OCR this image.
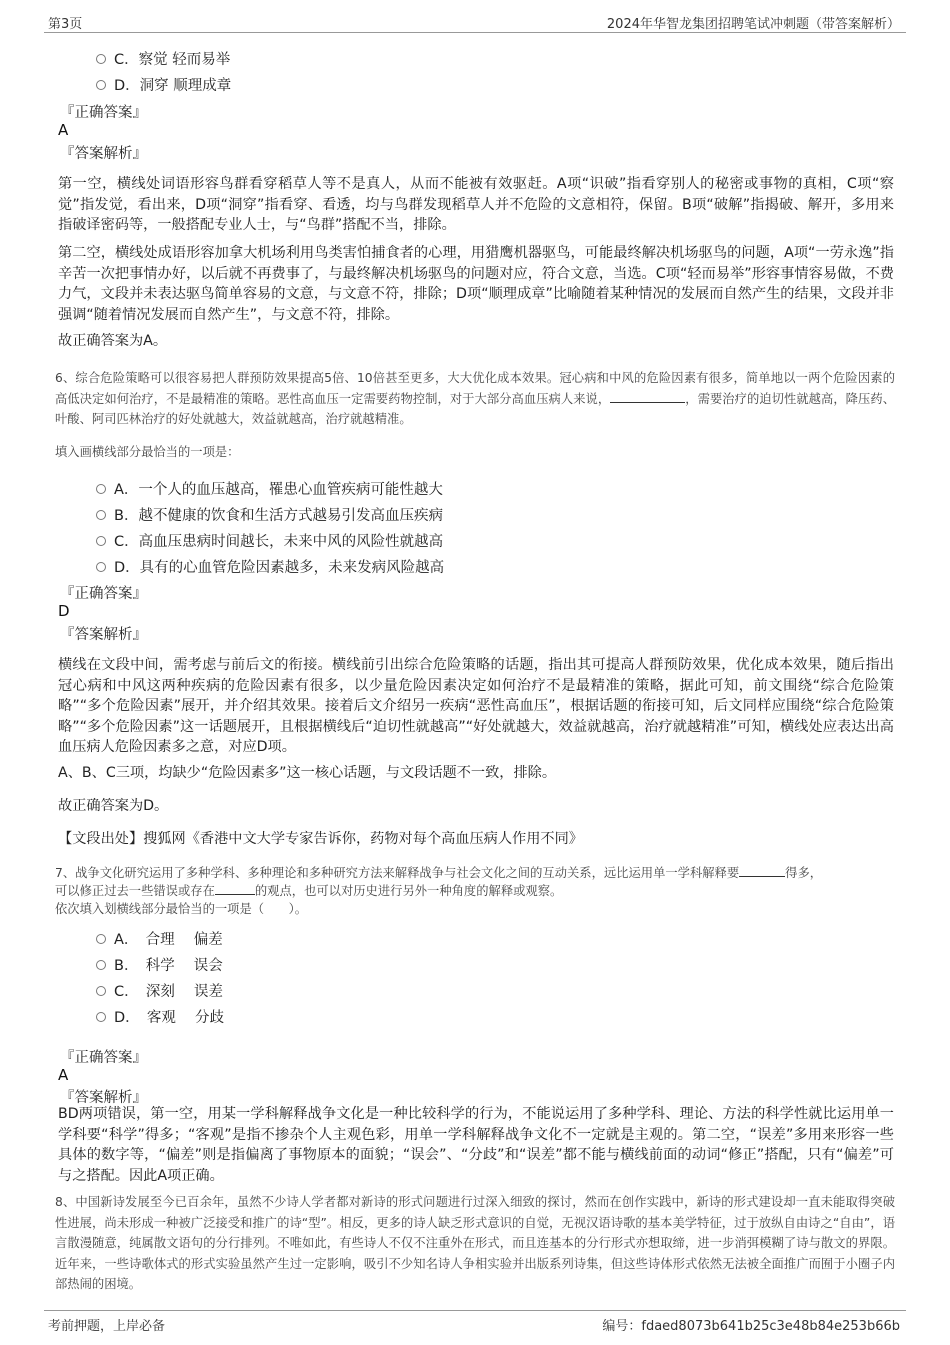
第3页	2024年华智龙集团招聘笔试冲刺题（带答案解析）
C．察觉 轻而易举
D．洞穿 顺理成章
『正确答案』
A
『答案解析』
第一空，横线处词语形容鸟群看穿稻草人等不是真人，从而不能被有效驱赶。A项“识破”指看穿别人的秘密或事物的真相，C项“察觉”指发觉，看出来，D项“洞穿”指看穿、看透，均与鸟群发现稻草人并不危险的文意相符，保留。B项“破解”指揭破、解开，多用来指破译密码等，一般搭配专业人士，与“鸟群”搭配不当，排除。
第二空，横线处成语形容加拿大机场利用鸟类害怕捕食者的心理，用猎鹰机器驱鸟，可能最终解决机场驱鸟的问题，A项“一劳永逸”指辛苦一次把事情办好，以后就不再费事了，与最终解决机场驱鸟的问题对应，符合文意，当选。C项“轻而易举”形容事情容易做，不费力气，文段并未表达驱鸟简单容易的文意，与文意不符，排除；D项“顺理成章”比喻随着某种情况的发展而自然产生的结果，文段并非强调“随着情况发展而自然产生”，与文意不符，排除。
故正确答案为A。
6、综合危险策略可以很容易把人群预防效果提高5倍、10倍甚至更多，大大优化成本效果。冠心病和中风的危险因素有很多，简单地以一两个危险因素的高低决定如何治疗，不是最精准的策略。恶性高血压一定需要药物控制，对于大部分高血压病人来说，	，需要治疗的迫切性就越高，降压药、叶酸、阿司匹林治疗的好处就越大，效益就越高，治疗就越精准。
填入画横线部分最恰当的一项是：
A．一个人的血压越高，罹患心血管疾病可能性越大
B．越不健康的饮食和生活方式越易引发高血压疾病
C．高血压患病时间越长，未来中风的风险性就越高
D．具有的心血管危险因素越多，未来发病风险越高
『正确答案』
D
『答案解析』
横线在文段中间，需考虑与前后文的衔接。横线前引出综合危险策略的话题，指出其可提高人群预防效果，优化成本效果，随后指出冠心病和中风这两种疾病的危险因素有很多，以少量危险因素决定如何治疗不是最精准的策略，据此可知，前文围绕“综合危险策略”“多个危险因素”展开，并介绍其效果。接着后文介绍另一疾病“恶性高血压”，根据话题的衔接可知，后文同样应围绕“综合危险策略”“多个危险因素”这一话题展开，且根据横线后“迫切性就越高”“好处就越大，效益就越高，治疗就越精准”可知，横线处应表达出高血压病人危险因素多之意，对应D项。
A、B、C三项，均缺少“危险因素多”这一核心话题，与文段话题不一致，排除。
故正确答案为D。
【文段出处】搜狐网《香港中文大学专家告诉你，药物对每个高血压病人作用不同》
7、战争文化研究运用了多种学科、多种理论和多种研究方法来解释战争与社会文化之间的互动关系，远比运用单一学科解释要	得多，
可以修正过去一些错误或存在	的观点，也可以对历史进行另外一种角度的解释或观察。
依次填入划横线部分最恰当的一项是（　　）。
A．　合理　 偏差
B．　科学　 误会
C．　深刻　 误差
D．　客观　 分歧
『正确答案』
A
『答案解析』
BD两项错误，第一空，用某一学科解释战争文化是一种比较科学的行为，不能说运用了多种学科、理论、方法的科学性就比运用单一学科要“科学”得多；“客观”是指不掺杂个人主观色彩，用单一学科解释战争文化不一定就是主观的。第二空，“误差”多用来形容一些具体的数字等，“偏差”则是指偏离了事物原本的面貌；“误会”、“分歧”和“误差”都不能与横线前面的动词“修正”搭配，只有“偏差”可与之搭配。因此A项正确。
8、中国新诗发展至今已百余年，虽然不少诗人学者都对新诗的形式问题进行过深入细致的探讨，然而在创作实践中，新诗的形式建设却一直未能取得突破性进展，尚未形成一种被广泛接受和推广的诗“型”。相反，更多的诗人缺乏形式意识的自觉，无视汉语诗歌的基本美学特征，过于放纵自由诗之“自由”，语言散漫随意，纯属散文语句的分行排列。不唯如此，有些诗人不仅不注重外在形式，而且连基本的分行形式亦想取缔，进一步消弭模糊了诗与散文的界限。近年来，一些诗歌体式的形式实验虽然产生过一定影响，吸引不少知名诗人争相实验并出版系列诗集，但这些诗体形式依然无法被全面推广而囿于小圈子内部热闹的困境。
考前押题，上岸必备	编号：fdaed8073b641b25c3e48b84e253b66b
